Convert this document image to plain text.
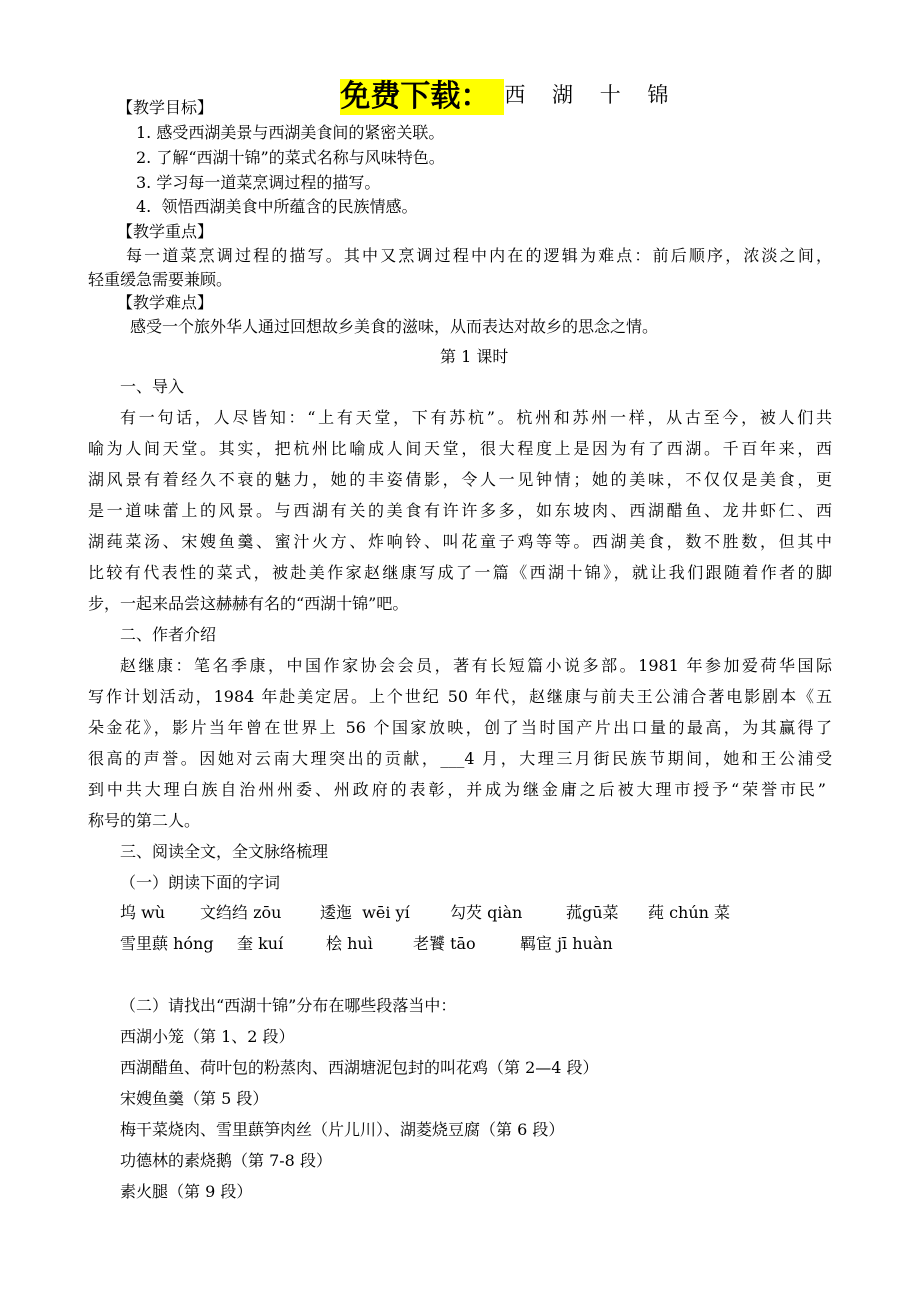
免费下载： 西 湖 十 锦

【教学目标】
1. 感受西湖美景与西湖美食间的紧密关联。
2. 了解“西湖十锦”的菜式名称与风味特色。
3. 学习每一道菜烹调过程的描写。
4.  领悟西湖美食中所蕴含的民族情感。
【教学重点】
每一道菜烹调过程的描写。其中又烹调过程中内在的逻辑为难点：前后顺序，浓淡之间，
轻重缓急需要兼顾。
【教学难点】
感受一个旅外华人通过回想故乡美食的滋味，从而表达对故乡的思念之情。
第 1 课时
一、导入
有一句话，人尽皆知：“上有天堂，下有苏杭”。杭州和苏州一样，从古至今，被人们共
喻为人间天堂。其实，把杭州比喻成人间天堂，很大程度上是因为有了西湖。千百年来，西
湖风景有着经久不衰的魅力，她的丰姿倩影，令人一见钟情；她的美味，不仅仅是美食，更
是一道味蕾上的风景。与西湖有关的美食有许许多多，如东坡肉、西湖醋鱼、龙井虾仁、西
湖莼菜汤、宋嫂鱼羹、蜜汁火方、炸响铃、叫花童子鸡等等。西湖美食，数不胜数，但其中
比较有代表性的菜式，被赴美作家赵继康写成了一篇《西湖十锦》，就让我们跟随着作者的脚
步，一起来品尝这赫赫有名的“西湖十锦”吧。
二、作者介绍
赵继康：笔名季康，中国作家协会会员，著有长短篇小说多部。1981 年参加爱荷华国际
写作计划活动，1984 年赴美定居。上个世纪 50 年代，赵继康与前夫王公浦合著电影剧本《五
朵金花》，影片当年曾在世界上 56 个国家放映，创了当时国产片出口量的最高，为其赢得了
很高的声誉。因她对云南大理突出的贡献，___4 月，大理三月街民族节期间，她和王公浦受
到中共大理白族自治州州委、州政府的表彰，并成为继金庸之后被大理市授予“荣誉市民”
称号的第二人。
三、阅读全文，全文脉络梳理
（一）朗读下面的字词
坞 wù 文绉绉 zōu 逶迤  wēi yí	勾芡 qiàn	菰gū菜 莼 chún 菜
雪里蕻 hóng 奎 kuí	桧 huì	老饕 tāo	羁宦 jī huàn
（二）请找出“西湖十锦”分布在哪些段落当中：
西湖小笼（第 1、2 段）
西湖醋鱼、荷叶包的粉蒸肉、西湖塘泥包封的叫花鸡（第 2—4 段）
宋嫂鱼羹（第 5 段）
梅干菜烧肉、雪里蕻笋肉丝（片儿川）、湖菱烧豆腐（第 6 段）
功德林的素烧鹅（第 7-8 段）
素火腿（第 9 段）
